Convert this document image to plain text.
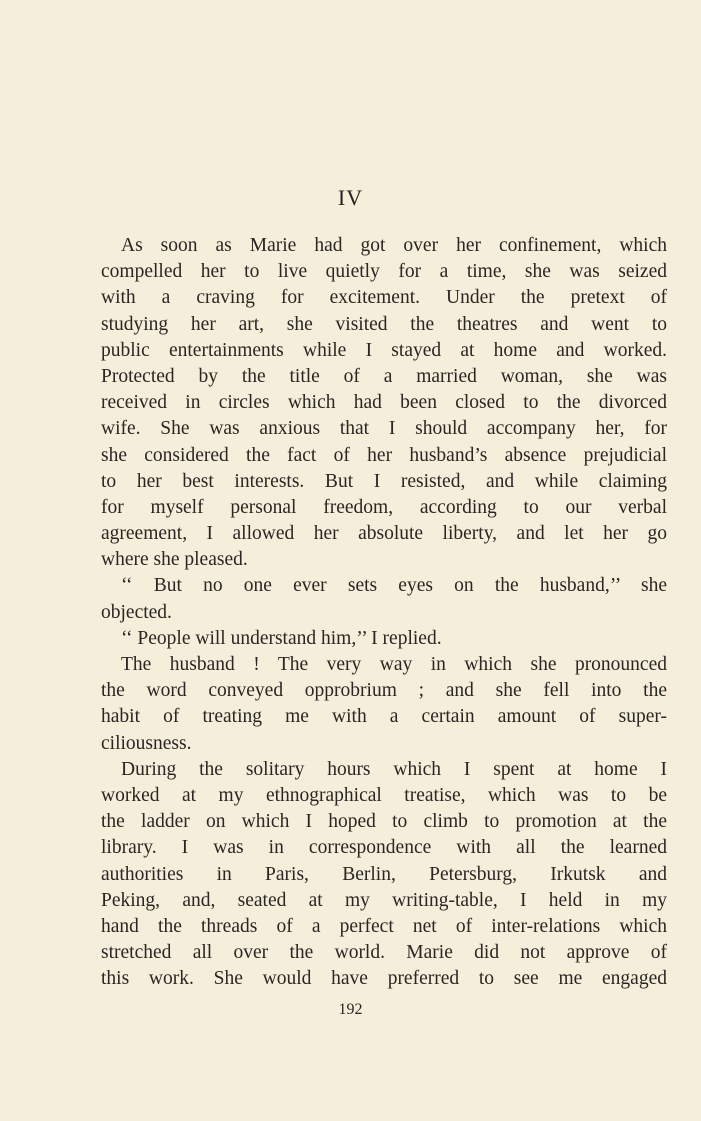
IV
As soon as Marie had got over her confinement, which
compelled her to live quietly for a time, she was seized
with a craving for excitement. Under the pretext of
studying her art, she visited the theatres and went to
public entertainments while I stayed at home and worked.
Protected by the title of a married woman, she was
received in circles which had been closed to the divorced
wife. She was anxious that I should accompany her, for
she considered the fact of her husband’s absence prejudicial
to her best interests. But I resisted, and while claiming
for myself personal freedom, according to our verbal
agreement, I allowed her absolute liberty, and let her go
where she pleased.
‘‘ But no one ever sets eyes on the husband,’’ she
objected.
‘‘ People will understand him,’’ I replied.
The husband ! The very way in which she pronounced
the word conveyed opprobrium ; and she fell into the
habit of treating me with a certain amount of super-
ciliousness.
During the solitary hours which I spent at home I
worked at my ethnographical treatise, which was to be
the ladder on which I hoped to climb to promotion at the
library. I was in correspondence with all the learned
authorities in Paris, Berlin, Petersburg, Irkutsk and
Peking, and, seated at my writing-table, I held in my
hand the threads of a perfect net of inter-relations which
stretched all over the world. Marie did not approve of
this work. She would have preferred to see me engaged
192
